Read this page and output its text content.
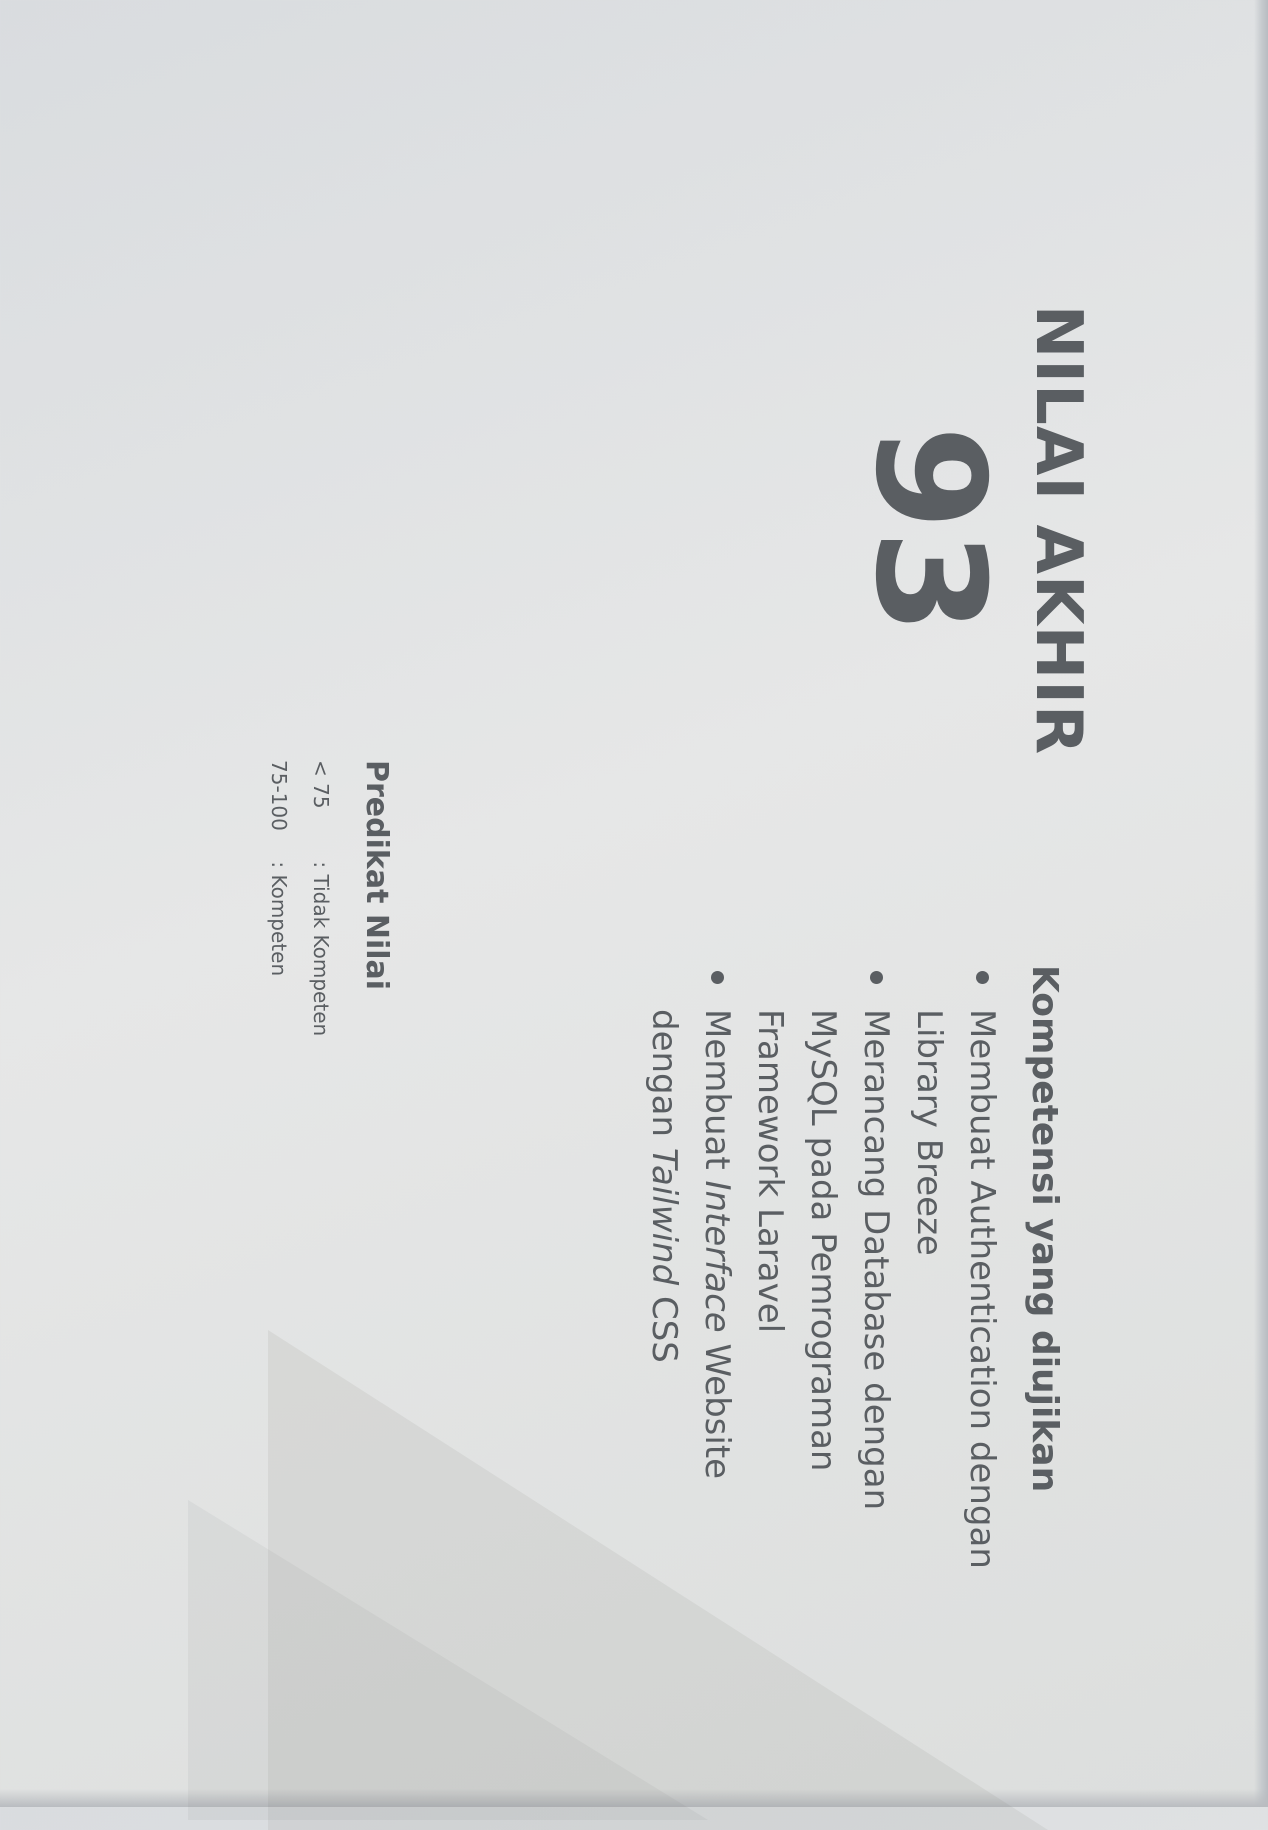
NILAI AKHIR
93
Kompetensi yang diujikan
Membuat Authentication dengan Library Breeze
Merancang Database dengan MySQL pada Pemrograman Framework Laravel
Membuat Interface Website dengan Tailwind CSS
Predikat Nilai
< 75 : Tidak Kompeten
75-100 : Kompeten
